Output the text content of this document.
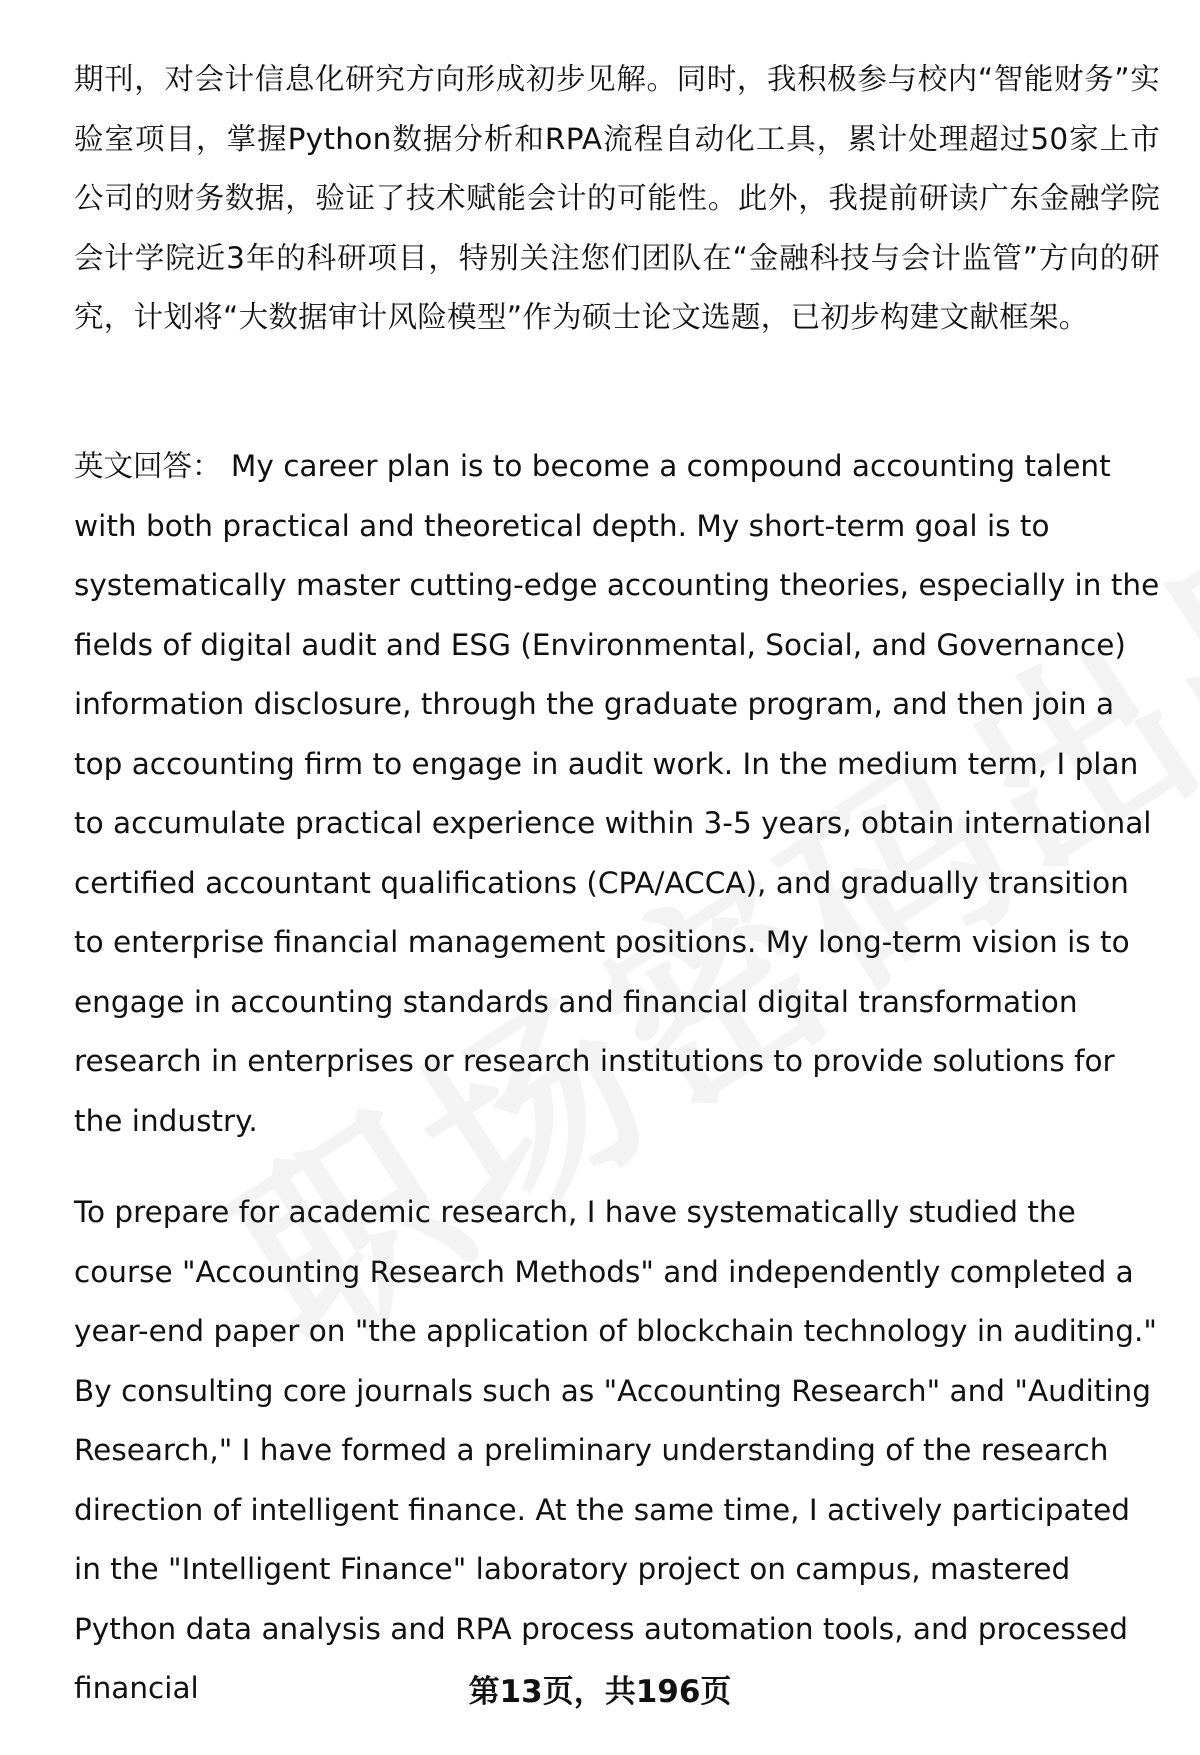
期刊，对会计信息化研究方向形成初步见解。同时，我积极参与校内“智能财务”实验室项目，掌握Python数据分析和RPA流程自动化工具，累计处理超过50家上市公司的财务数据，验证了技术赋能会计的可能性。此外，我提前研读广东金融学院会计学院近3年的科研项目，特别关注您们团队在“金融科技与会计监管”方向的研究，计划将“大数据审计风险模型”作为硕士论文选题，已初步构建文献框架。
英文回答： My career plan is to become a compound accounting talent with both practical and theoretical depth. My short-term goal is to systematically master cutting-edge accounting theories, especially in the fields of digital audit and ESG (Environmental, Social, and Governance) information disclosure, through the graduate program, and then join a top accounting firm to engage in audit work. In the medium term, I plan to accumulate practical experience within 3-5 years, obtain international certified accountant qualifications (CPA/ACCA), and gradually transition to enterprise financial management positions. My long-term vision is to engage in accounting standards and financial digital transformation research in enterprises or research institutions to provide solutions for the industry.
To prepare for academic research, I have systematically studied the course "Accounting Research Methods" and independently completed a year-end paper on "the application of blockchain technology in auditing." By consulting core journals such as "Accounting Research" and "Auditing Research," I have formed a preliminary understanding of the research direction of intelligent finance. At the same time, I actively participated in the "Intelligent Finance" laboratory project on campus, mastered Python data analysis and RPA process automation tools, and processed financial	第13页，共196页
